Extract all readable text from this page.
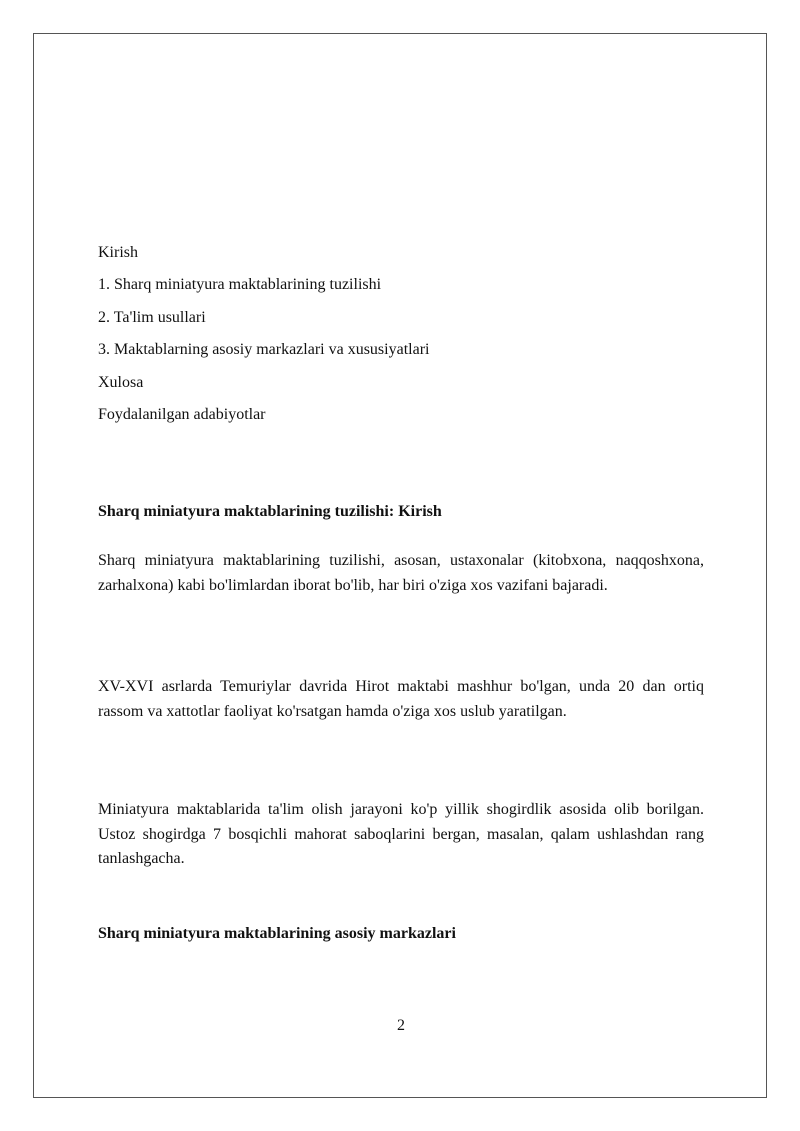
Kirish
1. Sharq miniatyura maktablarining tuzilishi
2. Ta'lim usullari
3. Maktablarning asosiy markazlari va xususiyatlari
Xulosa
Foydalanilgan adabiyotlar
Sharq miniatyura maktablarining tuzilishi: Kirish
Sharq miniatyura maktablarining tuzilishi, asosan, ustaxonalar (kitobxona, naqqoshxona, zarhalxona) kabi bo'limlardan iborat bo'lib, har biri o'ziga xos vazifani bajaradi.
XV-XVI asrlarda Temuriylar davrida Hirot maktabi mashhur bo'lgan, unda 20 dan ortiq rassom va xattotlar faoliyat ko'rsatgan hamda o'ziga xos uslub yaratilgan.
Miniatyura maktablarida ta'lim olish jarayoni ko'p yillik shogirdlik asosida olib borilgan. Ustoz shogirdga 7 bosqichli mahorat saboqlarini bergan, masalan, qalam ushlashdan rang tanlashgacha.
Sharq miniatyura maktablarining asosiy markazlari
2
